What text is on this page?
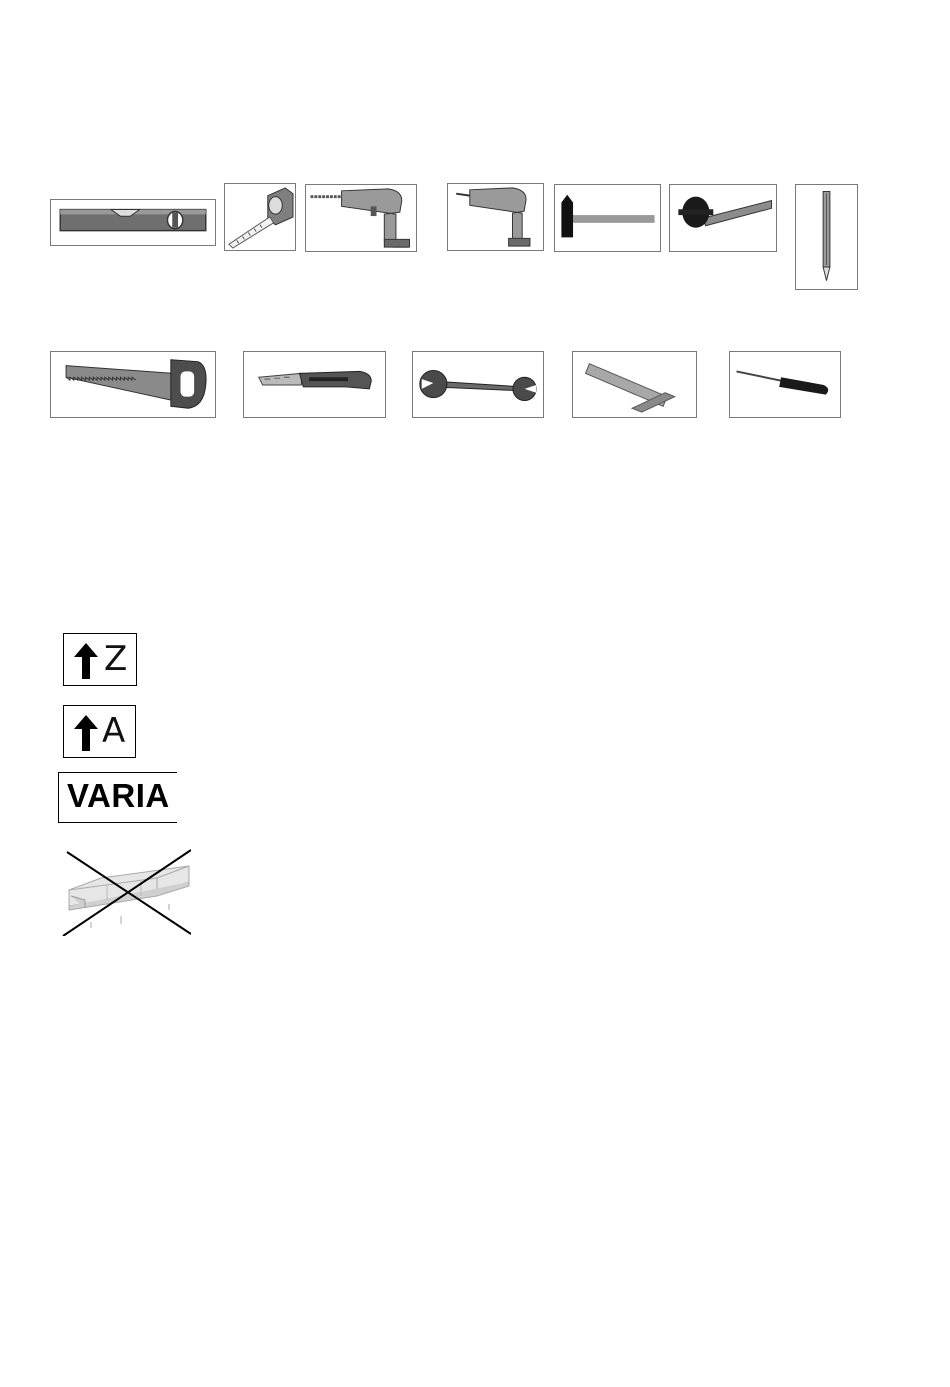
Z
A
VARIA
